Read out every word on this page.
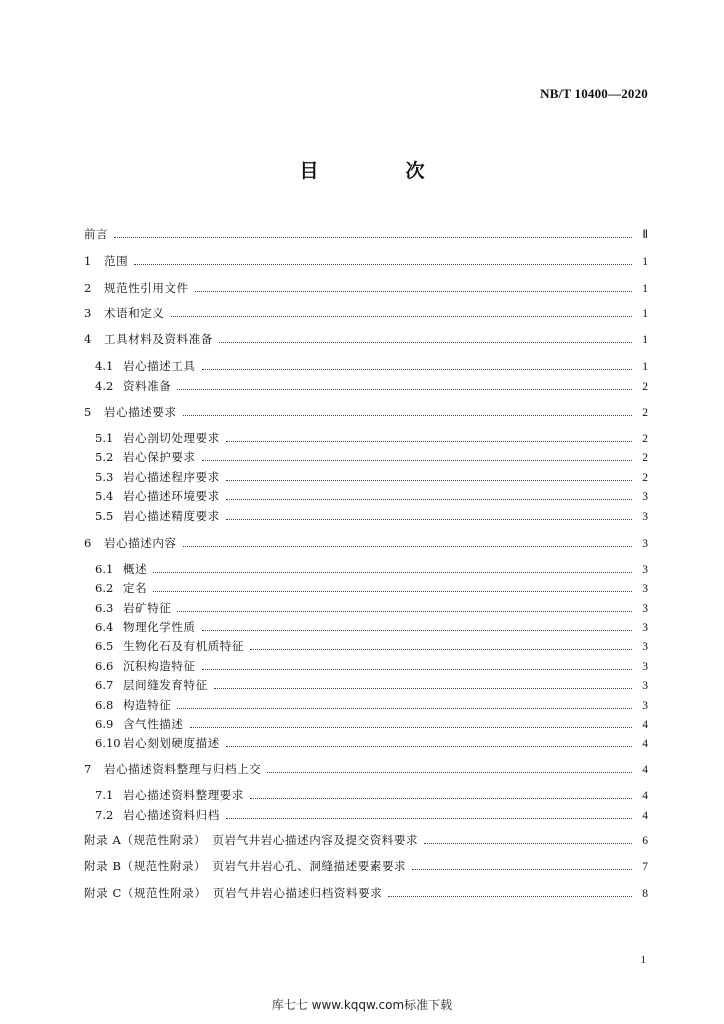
NB/T 10400—2020
目　次
前言	Ⅱ
1	范围	1
2	规范性引用文件	1
3	术语和定义	1
4	工具材料及资料准备	1
4.1 岩心描述工具	1
4.2 资料准备	2
5	岩心描述要求	2
5.1 岩心剖切处理要求	2
5.2 岩心保护要求	2
5.3 岩心描述程序要求	2
5.4 岩心描述环境要求	3
5.5 岩心描述精度要求	3
6	岩心描述内容	3
6.1 概述	3
6.2 定名	3
6.3 岩矿特征	3
6.4 物理化学性质	3
6.5 生物化石及有机质特征	3
6.6 沉积构造特征	3
6.7 层间缝发育特征	3
6.8 构造特征	3
6.9 含气性描述	4
6.10 岩心刻划硬度描述	4
7	岩心描述资料整理与归档上交	4
7.1 岩心描述资料整理要求	4
7.2 岩心描述资料归档	4
附录 A（规范性附录）　页岩气井岩心描述内容及提交资料要求	6
附录 B（规范性附录）　页岩气井岩心孔、洞缝描述要素要求	7
附录 C（规范性附录）　页岩气井岩心描述归档资料要求	8
1
库七七 www.kqqw.com标准下载
